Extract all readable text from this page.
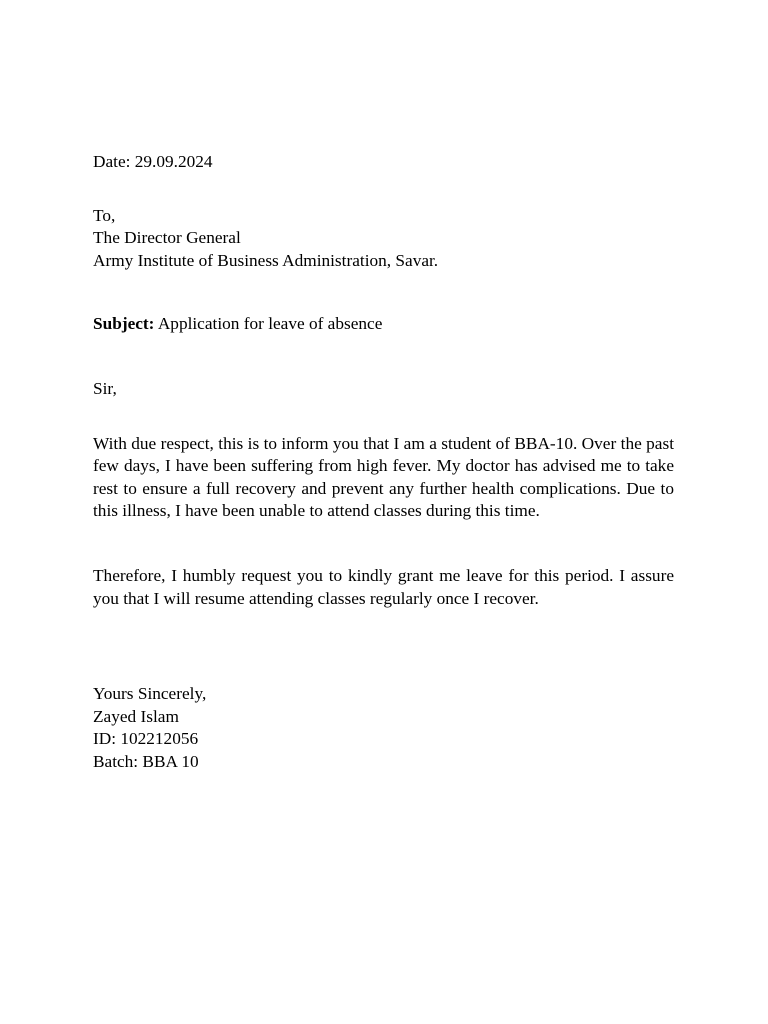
Date: 29.09.2024
To,
The Director General
Army Institute of Business Administration, Savar.
Subject: Application for leave of absence
Sir,

With due respect, this is to inform you that I am a student of BBA-10. Over the past few days, I have been suffering from high fever. My doctor has advised me to take rest to ensure a full recovery and prevent any further health complications. Due to this illness, I have been unable to attend classes during this time.

Therefore, I humbly request you to kindly grant me leave for this period. I assure you that I will resume attending classes regularly once I recover.

Yours Sincerely,
Zayed Islam
ID: 102212056
Batch: BBA 10
